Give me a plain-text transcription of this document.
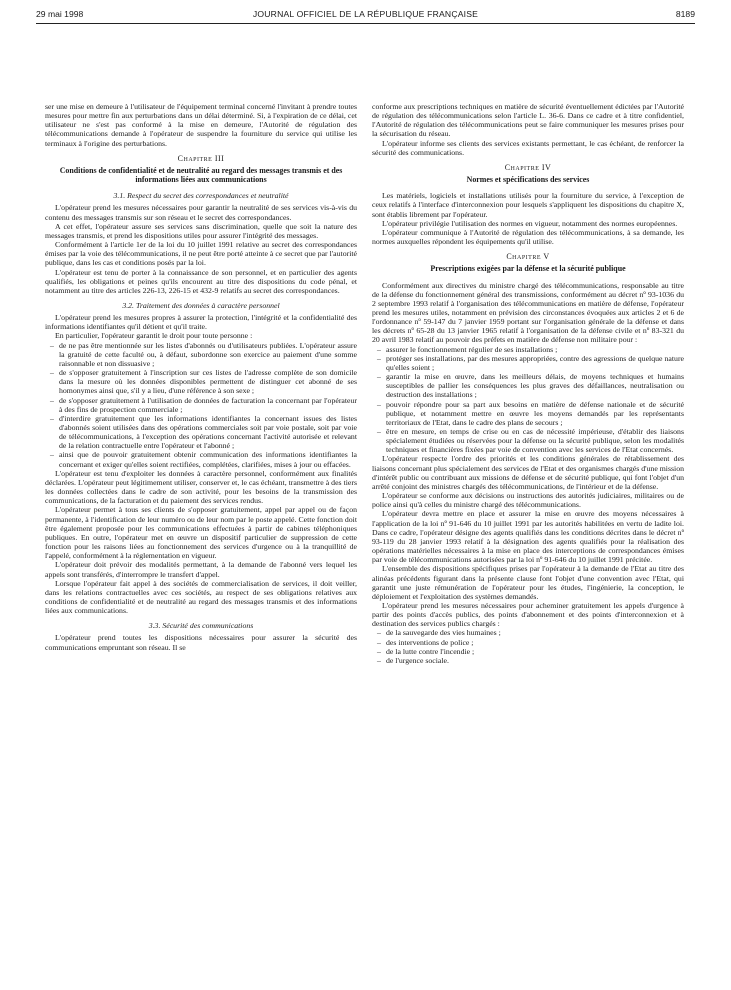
29 mai 1998	JOURNAL OFFICIEL DE LA RÉPUBLIQUE FRANÇAISE	8189

ser une mise en demeure à l'utilisateur de l'équipement terminal concerné l'invitant à prendre toutes mesures pour mettre fin aux perturbations dans un délai déterminé. Si, à l'expiration de ce délai, cet utilisateur ne s'est pas conformé à la mise en demeure, l'Autorité de régulation des télécommunications demande à l'opérateur de suspendre la fourniture du service qui utilise les terminaux à l'origine des perturbations.

Chapitre III
Conditions de confidentialité et de neutralité au regard des messages transmis et des informations liées aux communications
3.1. Respect du secret des correspondances et neutralité

L'opérateur prend les mesures nécessaires pour garantir la neutralité de ses services vis-à-vis du contenu des messages transmis sur son réseau et le secret des correspondances.

A cet effet, l'opérateur assure ses services sans discrimination, quelle que soit la nature des messages transmis, et prend les dispositions utiles pour assurer l'intégrité des messages.

Conformément à l'article 1er de la loi du 10 juillet 1991 relative au secret des correspondances émises par la voie des télécommunications, il ne peut être porté atteinte à ce secret que par l'autorité publique, dans les cas et conditions posés par la loi.

L'opérateur est tenu de porter à la connaissance de son personnel, et en particulier des agents qualifiés, les obligations et peines qu'ils encourent au titre des dispositions du code pénal, et notamment au titre des articles 226-13, 226-15 et 432-9 relatifs au secret des correspondances.

3.2. Traitement des données à caractère personnel

L'opérateur prend les mesures propres à assurer la protection, l'intégrité et la confidentialité des informations identifiantes qu'il détient et qu'il traite.

En particulier, l'opérateur garantit le droit pour toute personne :

– de ne pas être mentionnée sur les listes d'abonnés ou d'utilisateurs publiées. L'opérateur assure la gratuité de cette faculté ou, à défaut, subordonne son exercice au paiement d'une somme raisonnable et non dissuasive ;
– de s'opposer gratuitement à l'inscription sur ces listes de l'adresse complète de son domicile dans la mesure où les données disponibles permettent de distinguer cet abonné de ses homonymes ainsi que, s'il y a lieu, d'une référence à son sexe ;
– de s'opposer gratuitement à l'utilisation de données de facturation la concernant par l'opérateur à des fins de prospection commerciale ;
– d'interdire gratuitement que les informations identifiantes la concernant issues des listes d'abonnés soient utilisées dans des opérations commerciales soit par voie postale, soit par voie de télécommunications, à l'exception des opérations concernant l'activité autorisée et relevant de la relation contractuelle entre l'opérateur et l'abonné ;
– ainsi que de pouvoir gratuitement obtenir communication des informations identifiantes la concernant et exiger qu'elles soient rectifiées, complétées, clarifiées, mises à jour ou effacées.

L'opérateur est tenu d'exploiter les données à caractère personnel, conformément aux finalités déclarées. L'opérateur peut légitimement utiliser, conserver et, le cas échéant, transmettre à des tiers les données collectées dans le cadre de son activité, pour les besoins de la transmission des communications, de la facturation et du paiement des services rendus.

L'opérateur permet à tous ses clients de s'opposer gratuitement, appel par appel ou de façon permanente, à l'identification de leur numéro ou de leur nom par le poste appelé. Cette fonction doit être également proposée pour les communications effectuées à partir de cabines téléphoniques publiques. En outre, l'opérateur met en œuvre un dispositif particulier de suppression de cette fonction pour les raisons liées au fonctionnement des services d'urgence ou à la tranquillité de l'appelé, conformément à la réglementation en vigueur.

L'opérateur doit prévoir des modalités permettant, à la demande de l'abonné vers lequel les appels sont transférés, d'interrompre le transfert d'appel.

Lorsque l'opérateur fait appel à des sociétés de commercialisation de services, il doit veiller, dans les relations contractuelles avec ces sociétés, au respect de ses obligations relatives aux conditions de confidentialité et de neutralité au regard des messages transmis et des informations liées aux communications.

3.3. Sécurité des communications

L'opérateur prend toutes les dispositions nécessaires pour assurer la sécurité des communications empruntant son réseau. Il se

conforme aux prescriptions techniques en matière de sécurité éventuellement édictées par l'Autorité de régulation des télécommunications selon l'article L. 36-6. Dans ce cadre et à titre confidentiel, l'Autorité de régulation des télécommunications peut se faire communiquer les mesures prises pour la sécurisation du réseau.

L'opérateur informe ses clients des services existants permettant, le cas échéant, de renforcer la sécurité des communications.

Chapitre IV
Normes et spécifications des services

Les matériels, logiciels et installations utilisés pour la fourniture du service, à l'exception de ceux relatifs à l'interface d'interconnexion pour lesquels s'appliquent les dispositions du chapitre X, sont établis librement par l'opérateur.

L'opérateur privilégie l'utilisation des normes en vigueur, notamment des normes européennes.

L'opérateur communique à l'Autorité de régulation des télécommunications, à sa demande, les normes auxquelles répondent les équipements qu'il utilise.

Chapitre V
Prescriptions exigées par la défense et la sécurité publique

Conformément aux directives du ministre chargé des télécommunications, responsable au titre de la défense du fonctionnement général des transmissions, conformément au décret nº 93-1036 du 2 septembre 1993 relatif à l'organisation des télécommunications en matière de défense, l'opérateur prend les mesures utiles, notamment en prévision des circonstances évoquées aux articles 2 et 6 de l'ordonnance nº 59-147 du 7 janvier 1959 portant sur l'organisation générale de la défense et dans les décrets nº 65-28 du 13 janvier 1965 relatif à l'organisation de la défense civile et nº 83-321 du 20 avril 1983 relatif au pouvoir des préfets en matière de défense non militaire pour :

– assurer le fonctionnement régulier de ses installations ;
– protéger ses installations, par des mesures appropriées, contre des agressions de quelque nature qu'elles soient ;
– garantir la mise en œuvre, dans les meilleurs délais, de moyens techniques et humains susceptibles de pallier les conséquences les plus graves des défaillances, neutralisation ou destruction des installations ;
– pouvoir répondre pour sa part aux besoins en matière de défense nationale et de sécurité publique, et notamment mettre en œuvre les moyens demandés par les représentants territoriaux de l'Etat, dans le cadre des plans de secours ;
– être en mesure, en temps de crise ou en cas de nécessité impérieuse, d'établir des liaisons spécialement étudiées ou réservées pour la défense ou la sécurité publique, selon les modalités techniques et financières fixées par voie de convention avec les services de l'Etat concernés.

L'opérateur respecte l'ordre des priorités et les conditions générales de rétablissement des liaisons concernant plus spécialement des services de l'Etat et des organismes chargés d'une mission d'intérêt public ou contribuant aux missions de défense et de sécurité publique, qui font l'objet d'un arrêté conjoint des ministres chargés des télécommunications, de l'intérieur et de la défense.

L'opérateur se conforme aux décisions ou instructions des autorités judiciaires, militaires ou de police ainsi qu'à celles du ministre chargé des télécommunications.

L'opérateur devra mettre en place et assurer la mise en œuvre des moyens nécessaires à l'application de la loi nº 91-646 du 10 juillet 1991 par les autorités habilitées en vertu de ladite loi. Dans ce cadre, l'opérateur désigne des agents qualifiés dans les conditions décrites dans le décret nº 93-119 du 28 janvier 1993 relatif à la désignation des agents qualifiés pour la réalisation des opérations matérielles nécessaires à la mise en place des interceptions de correspondances émises par voie de télécommunications autorisées par la loi nº 91-646 du 10 juillet 1991 précitée.

L'ensemble des dispositions spécifiques prises par l'opérateur à la demande de l'Etat au titre des alinéas précédents figurant dans la présente clause font l'objet d'une convention avec l'Etat, qui garantit une juste rémunération de l'opérateur pour les études, l'ingénierie, la conception, le déploiement et l'exploitation des systèmes demandés.

L'opérateur prend les mesures nécessaires pour acheminer gratuitement les appels d'urgence à partir des points d'accès publics, des points d'abonnement et des points d'interconnexion et à destination des services publics chargés :

– de la sauvegarde des vies humaines ;
– des interventions de police ;
– de la lutte contre l'incendie ;
– de l'urgence sociale.
